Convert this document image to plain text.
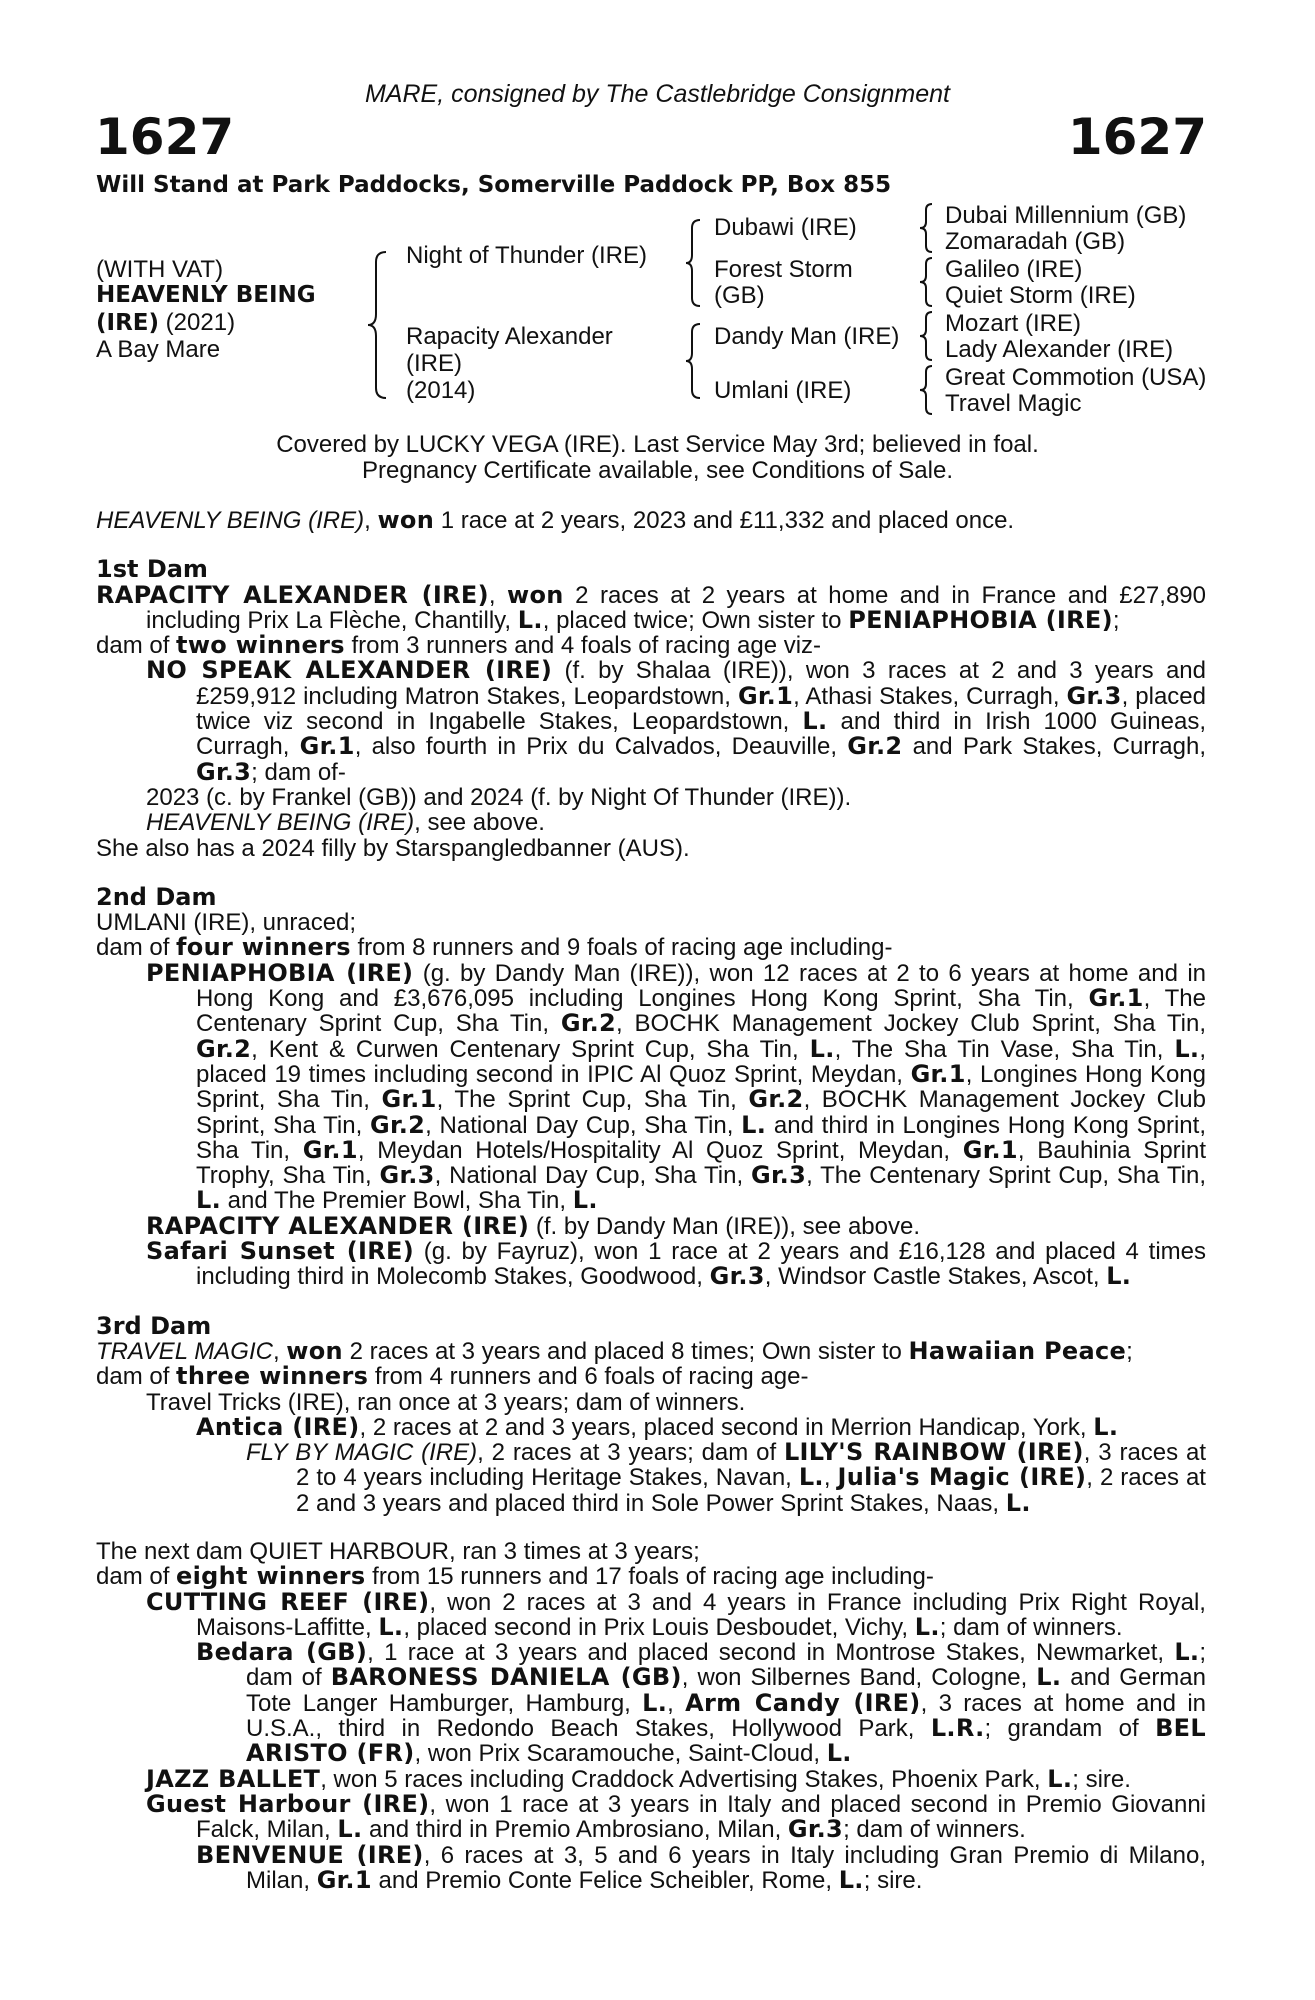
MARE, consigned by The Castlebridge Consignment
1627	1627
Will Stand at Park Paddocks, Somerville Paddock PP, Box 855
(WITH VAT)
HEAVENLY BEING
(IRE) (2021)
A Bay Mare
Night of Thunder (IRE)
Rapacity Alexander
(IRE)
(2014)
Dubawi (IRE)
Forest Storm
(GB)
Dandy Man (IRE)
Umlani (IRE)
Dubai Millennium (GB)
Zomaradah (GB)
Galileo (IRE)
Quiet Storm (IRE)
Mozart (IRE)
Lady Alexander (IRE)
Great Commotion (USA)
Travel Magic
Covered by LUCKY VEGA (IRE). Last Service May 3rd; believed in foal.
Pregnancy Certificate available, see Conditions of Sale.

HEAVENLY BEING (IRE), won 1 race at 2 years, 2023 and £11,332 and placed once.

1st Dam

RAPACITY ALEXANDER (IRE), won 2 races at 2 years at home and in France and £27,890 including Prix La Flèche, Chantilly, L., placed twice; Own sister to PENIAPHOBIA (IRE);

dam of two winners from 3 runners and 4 foals of racing age viz-

NO SPEAK ALEXANDER (IRE) (f. by Shalaa (IRE)), won 3 races at 2 and 3 years and £259,912 including Matron Stakes, Leopardstown, Gr.1, Athasi Stakes, Curragh, Gr.3, placed twice viz second in Ingabelle Stakes, Leopardstown, L. and third in Irish 1000 Guineas, Curragh, Gr.1, also fourth in Prix du Calvados, Deauville, Gr.2 and Park Stakes, Curragh, Gr.3; dam of-

2023 (c. by Frankel (GB)) and 2024 (f. by Night Of Thunder (IRE)).

HEAVENLY BEING (IRE), see above.

She also has a 2024 filly by Starspangledbanner (AUS).

2nd Dam

UMLANI (IRE), unraced;

dam of four winners from 8 runners and 9 foals of racing age including-

PENIAPHOBIA (IRE) (g. by Dandy Man (IRE)), won 12 races at 2 to 6 years at home and in Hong Kong and £3,676,095 including Longines Hong Kong Sprint, Sha Tin, Gr.1, The Centenary Sprint Cup, Sha Tin, Gr.2, BOCHK Management Jockey Club Sprint, Sha Tin, Gr.2, Kent & Curwen Centenary Sprint Cup, Sha Tin, L., The Sha Tin Vase, Sha Tin, L., placed 19 times including second in IPIC Al Quoz Sprint, Meydan, Gr.1, Longines Hong Kong Sprint, Sha Tin, Gr.1, The Sprint Cup, Sha Tin, Gr.2, BOCHK Management Jockey Club Sprint, Sha Tin, Gr.2, National Day Cup, Sha Tin, L. and third in Longines Hong Kong Sprint, Sha Tin, Gr.1, Meydan Hotels/Hospitality Al Quoz Sprint, Meydan, Gr.1, Bauhinia Sprint Trophy, Sha Tin, Gr.3, National Day Cup, Sha Tin, Gr.3, The Centenary Sprint Cup, Sha Tin, L. and The Premier Bowl, Sha Tin, L.

RAPACITY ALEXANDER (IRE) (f. by Dandy Man (IRE)), see above.

Safari Sunset (IRE) (g. by Fayruz), won 1 race at 2 years and £16,128 and placed 4 times including third in Molecomb Stakes, Goodwood, Gr.3, Windsor Castle Stakes, Ascot, L.

3rd Dam

TRAVEL MAGIC, won 2 races at 3 years and placed 8 times; Own sister to Hawaiian Peace;

dam of three winners from 4 runners and 6 foals of racing age-

Travel Tricks (IRE), ran once at 3 years; dam of winners.

Antica (IRE), 2 races at 2 and 3 years, placed second in Merrion Handicap, York, L.

FLY BY MAGIC (IRE), 2 races at 3 years; dam of LILY'S RAINBOW (IRE), 3 races at 2 to 4 years including Heritage Stakes, Navan, L., Julia's Magic (IRE), 2 races at 2 and 3 years and placed third in Sole Power Sprint Stakes, Naas, L.

The next dam QUIET HARBOUR, ran 3 times at 3 years;

dam of eight winners from 15 runners and 17 foals of racing age including-

CUTTING REEF (IRE), won 2 races at 3 and 4 years in France including Prix Right Royal, Maisons-Laffitte, L., placed second in Prix Louis Desboudet, Vichy, L.; dam of winners.

Bedara (GB), 1 race at 3 years and placed second in Montrose Stakes, Newmarket, L.; dam of BARONESS DANIELA (GB), won Silbernes Band, Cologne, L. and German Tote Langer Hamburger, Hamburg, L., Arm Candy (IRE), 3 races at home and in U.S.A., third in Redondo Beach Stakes, Hollywood Park, L.R.; grandam of BEL ARISTO (FR), won Prix Scaramouche, Saint-Cloud, L.

JAZZ BALLET, won 5 races including Craddock Advertising Stakes, Phoenix Park, L.; sire.

Guest Harbour (IRE), won 1 race at 3 years in Italy and placed second in Premio Giovanni Falck, Milan, L. and third in Premio Ambrosiano, Milan, Gr.3; dam of winners.

BENVENUE (IRE), 6 races at 3, 5 and 6 years in Italy including Gran Premio di Milano, Milan, Gr.1 and Premio Conte Felice Scheibler, Rome, L.; sire.
